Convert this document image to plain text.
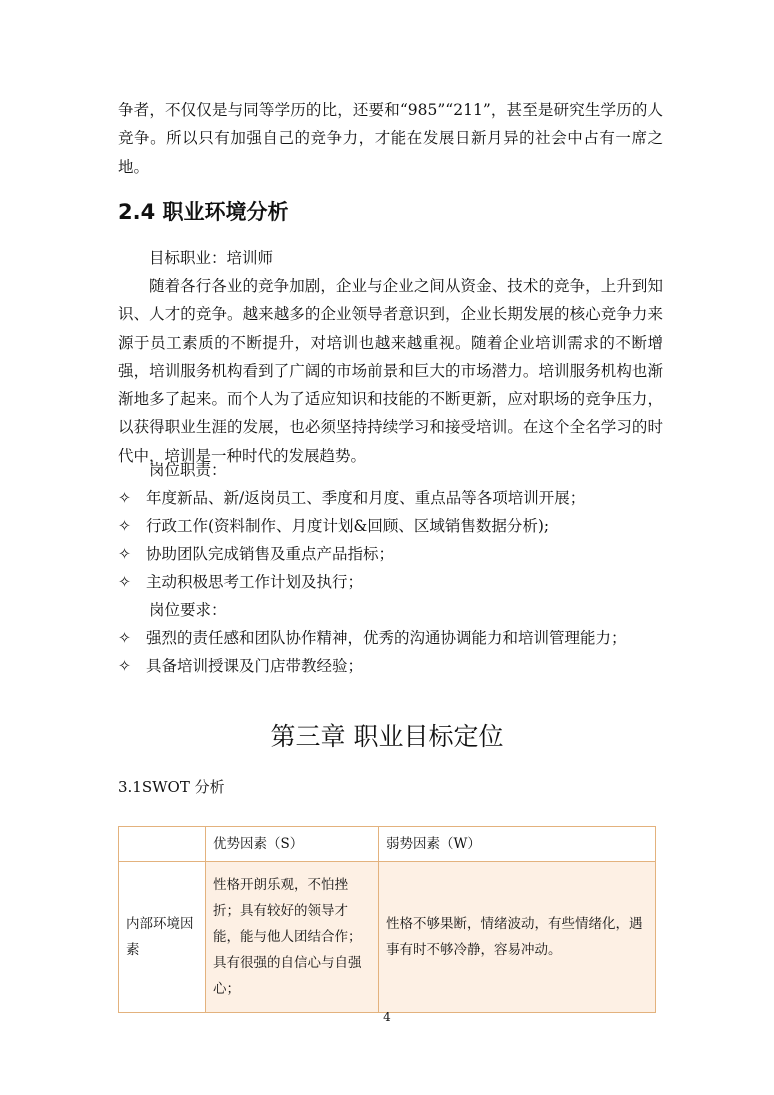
争者，不仅仅是与同等学历的比，还要和“985”“211”，甚至是研究生学历的人竞争。所以只有加强自己的竞争力，才能在发展日新月异的社会中占有一席之地。

2.4 职业环境分析
目标职业：培训师

随着各行各业的竞争加剧，企业与企业之间从资金、技术的竞争，上升到知识、人才的竞争。越来越多的企业领导者意识到，企业长期发展的核心竞争力来源于员工素质的不断提升，对培训也越来越重视。随着企业培训需求的不断增强，培训服务机构看到了广阔的市场前景和巨大的市场潜力。培训服务机构也渐渐地多了起来。而个人为了适应知识和技能的不断更新，应对职场的竞争压力，以获得职业生涯的发展，也必须坚持持续学习和接受培训。在这个全名学习的时代中，培训是一种时代的发展趋势。

岗位职责：
✧ 年度新品、新/返岗员工、季度和月度、重点品等各项培训开展；
✧ 行政工作(资料制作、月度计划&回顾、区域销售数据分析);
✧ 协助团队完成销售及重点产品指标；
✧ 主动积极思考工作计划及执行；
岗位要求：
✧ 强烈的责任感和团队协作精神，优秀的沟通协调能力和培训管理能力；
✧ 具备培训授课及门店带教经验；
第三章 职业目标定位
3.1SWOT 分析
	优势因素（S）	弱势因素（W）
内部环境因素	性格开朗乐观，不怕挫折；具有较好的领导才能，能与他人团结合作；具有很强的自信心与自强心；	性格不够果断，情绪波动，有些情绪化，遇事有时不够冷静，容易冲动。
4
